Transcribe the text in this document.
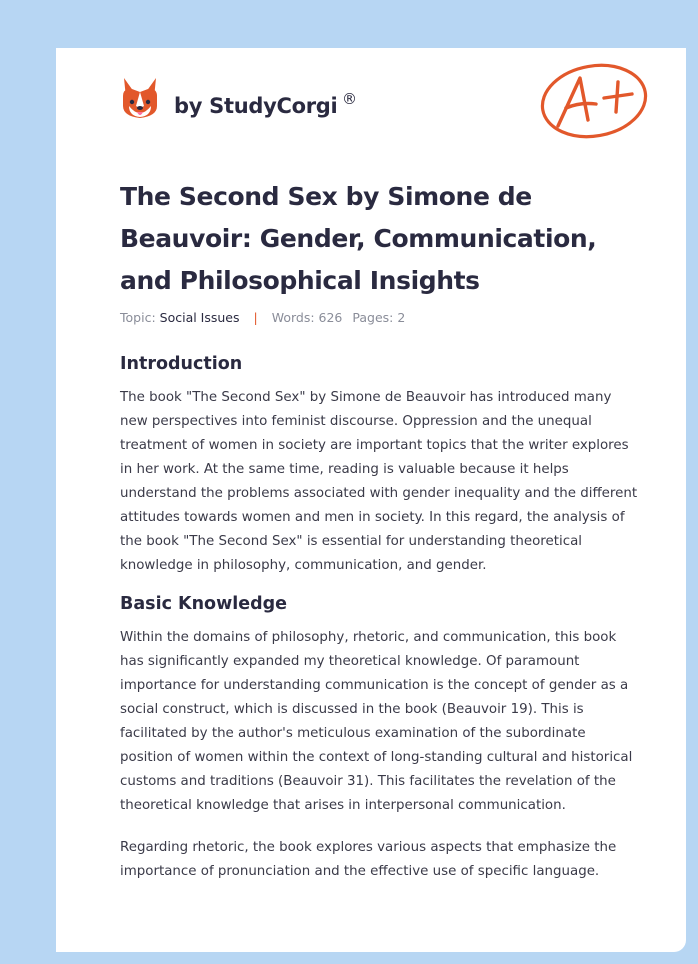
by StudyCorgi ®
The Second Sex by Simone de Beauvoir: Gender, Communication, and Philosophical Insights
Topic: Social Issues | Words: 626 Pages: 2
Introduction

The book "The Second Sex" by Simone de Beauvoir has introduced many new perspectives into feminist discourse. Oppression and the unequal treatment of women in society are important topics that the writer explores in her work. At the same time, reading is valuable because it helps understand the problems associated with gender inequality and the different attitudes towards women and men in society. In this regard, the analysis of the book "The Second Sex" is essential for understanding theoretical knowledge in philosophy, communication, and gender.

Basic Knowledge

Within the domains of philosophy, rhetoric, and communication, this book has significantly expanded my theoretical knowledge. Of paramount importance for understanding communication is the concept of gender as a social construct, which is discussed in the book (Beauvoir 19). This is facilitated by the author's meticulous examination of the subordinate position of women within the context of long-standing cultural and historical customs and traditions (Beauvoir 31). This facilitates the revelation of the theoretical knowledge that arises in interpersonal communication.

Regarding rhetoric, the book explores various aspects that emphasize the importance of pronunciation and the effective use of specific language.
